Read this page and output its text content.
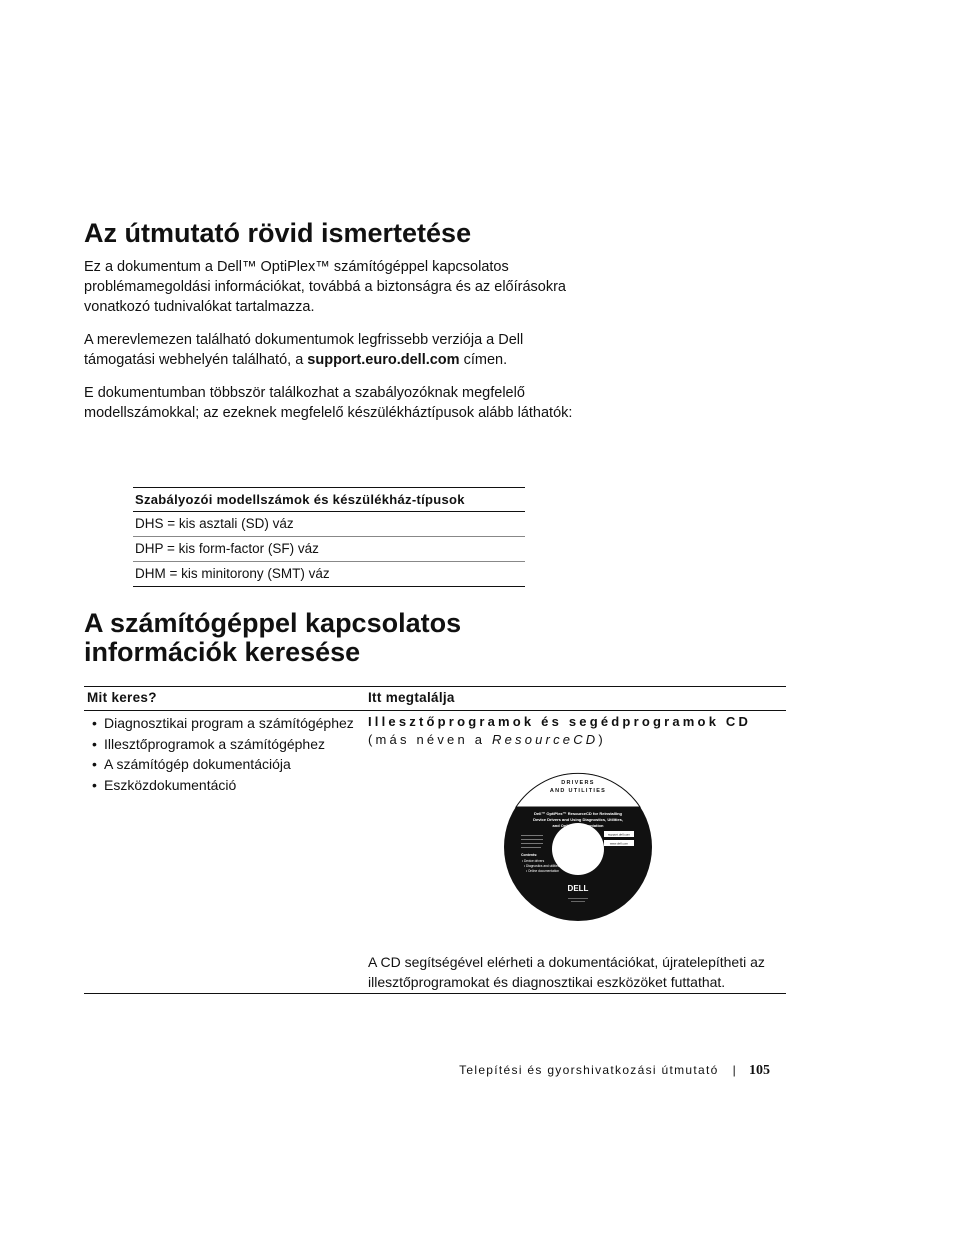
Az útmutató rövid ismertetése

Ez a dokumentum a Dell™ OptiPlex™ számítógéppel kapcsolatos problémamegoldási információkat, továbbá a biztonságra és az előírásokra vonatkozó tudnivalókat tartalmazza.

A merevlemezen található dokumentumok legfrissebb verziója a Dell támogatási webhelyén található, a support.euro.dell.com címen.

E dokumentumban többször találkozhat a szabályozóknak megfelelő modellszámokkal; az ezeknek megfelelő készülékháztípusok alább láthatók:

Szabályozói modellszámok és készülékház-típusok
DHS = kis asztali (SD) váz
DHP = kis form-factor (SF) váz
DHM = kis minitorony (SMT) váz
A számítógéppel kapcsolatos
információk keresése
Mit keres?	Itt megtalálja
• Diagnosztikai program a számítógéphez
• Illesztőprogramok a számítógéphez
• A számítógép dokumentációja
• Eszközdokumentáció
Illesztőprogramok és segédprogramok CD
(más néven a ResourceCD)
DRIVERS
AND UTILITIES
Dell™ OptiPlex™ ResourceCD for Reinstalling
Device Drivers and Using Diagnostics, Utilities,
and Online Documentation
support.dell.com
www.dell.com
Contents:
• Device drivers
• Diagnostics and utilities
• Online documentation
DELL
A CD segítségével elérheti a dokumentációkat, újratelepítheti az illesztőprogramokat és diagnosztikai eszközöket futtathat.
Telepítési és gyorshivatkozási útmutató | 105
